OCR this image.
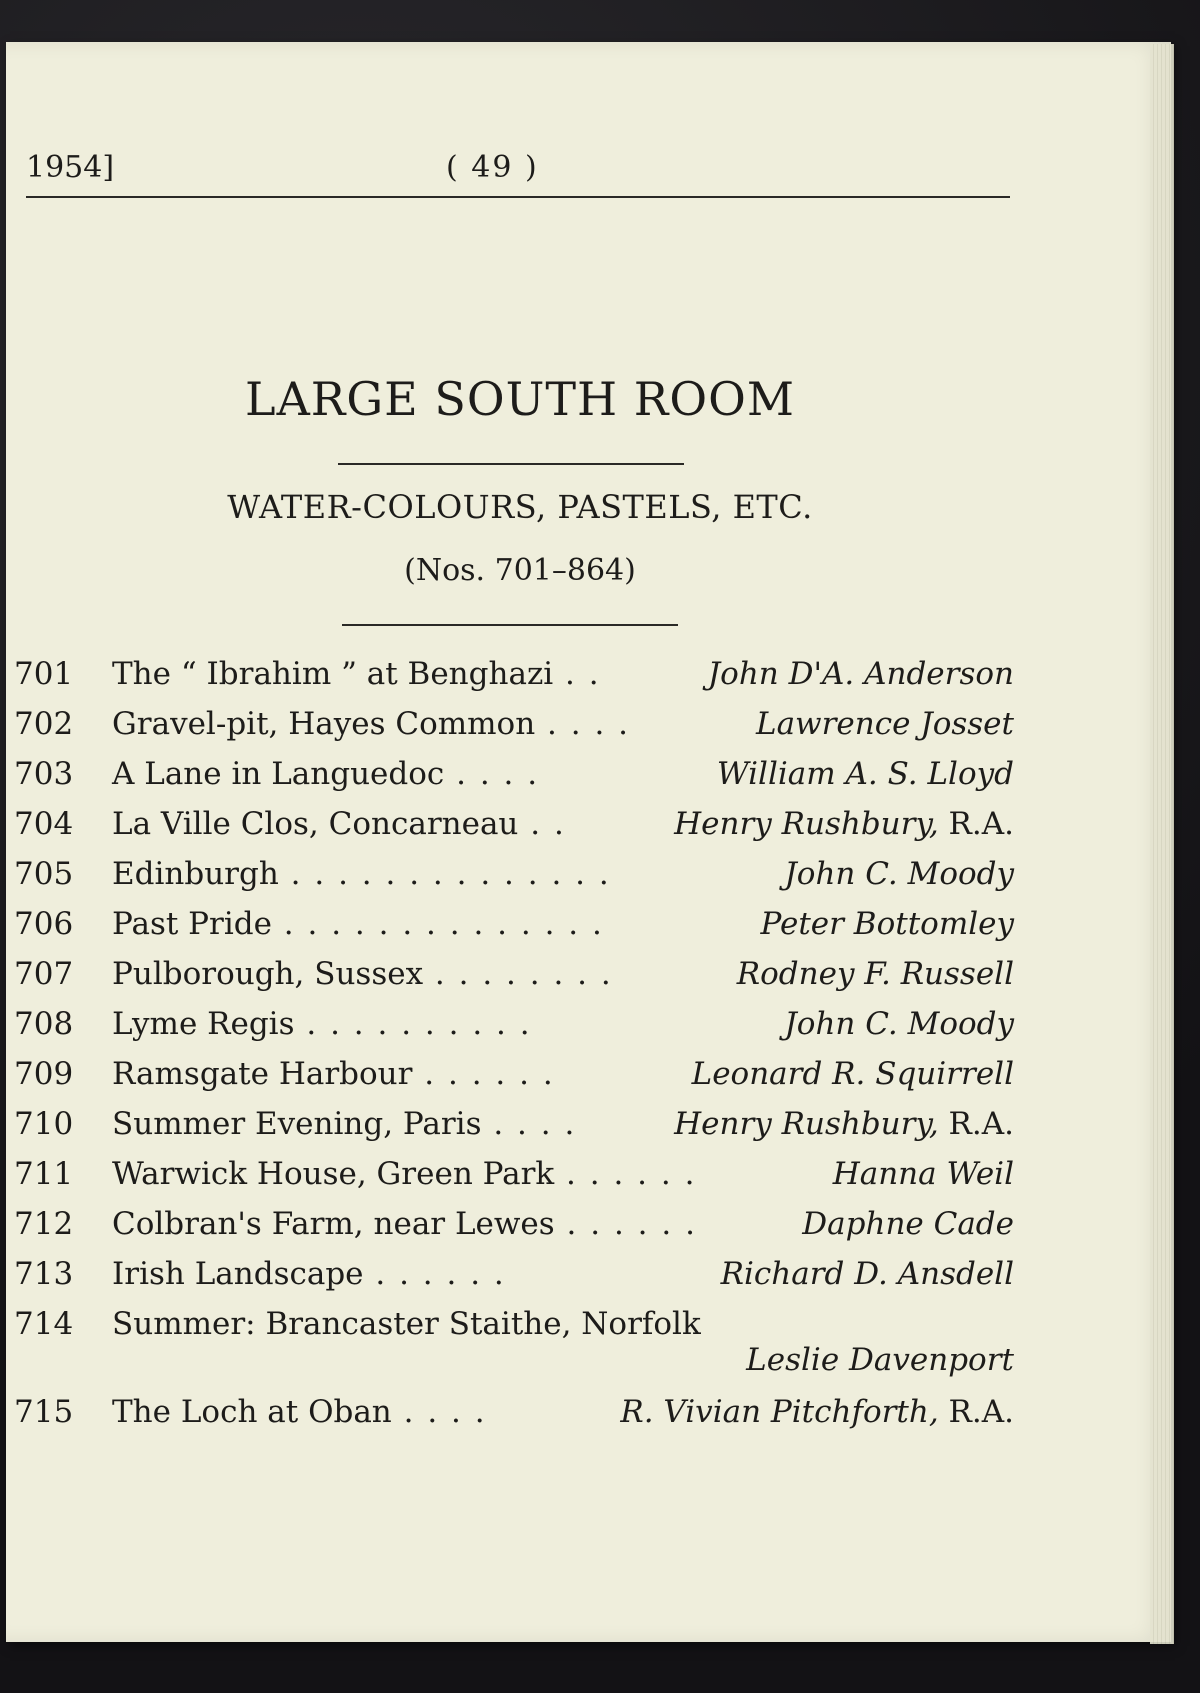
1954]	( 49 )
LARGE SOUTH ROOM
WATER-COLOURS, PASTELS, ETC.
(Nos. 701–864)
701	The “ Ibrahim ” at Benghazi . .	John D'A. Anderson
702	Gravel-pit, Hayes Common . . . .	Lawrence Josset
703	A Lane in Languedoc . . . .	William A. S. Lloyd
704	La Ville Clos, Concarneau . .	Henry Rushbury, R.A.
705	Edinburgh . . . . . . . . . . . . . .	John C. Moody
706	Past Pride . . . . . . . . . . . . . .	Peter Bottomley
707	Pulborough, Sussex . . . . . . . .	Rodney F. Russell
708	Lyme Regis . . . . . . . . . .	John C. Moody
709	Ramsgate Harbour . . . . . .	Leonard R. Squirrell
710	Summer Evening, Paris . . . .	Henry Rushbury, R.A.
711	Warwick House, Green Park . . . . . .	Hanna Weil
712	Colbran's Farm, near Lewes . . . . . .	Daphne Cade
713	Irish Landscape . . . . . .	Richard D. Ansdell
714	Summer: Brancaster Staithe, Norfolk
Leslie Davenport
715	The Loch at Oban . . . .	R. Vivian Pitchforth, R.A.
